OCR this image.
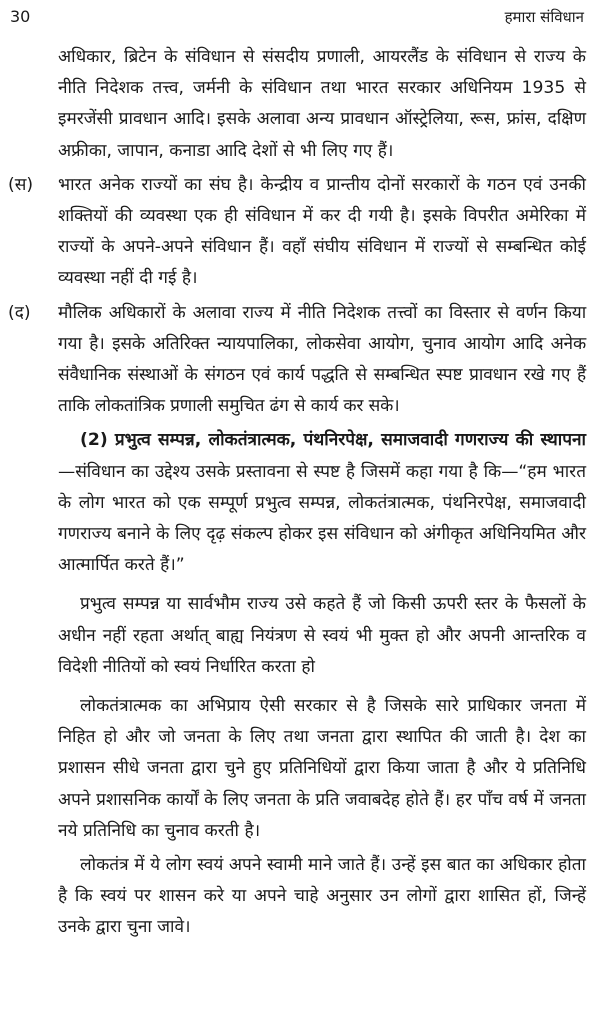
30	हमारा संविधान

अधिकार, ब्रिटेन के संविधान से संसदीय प्रणाली, आयरलैंड के संविधान से राज्य के नीति निदेशक तत्त्व, जर्मनी के संविधान तथा भारत सरकार अधिनियम 1935 से इमरजेंसी प्रावधान आदि। इसके अलावा अन्य प्रावधान ऑस्ट्रेलिया, रूस, फ्रांस, दक्षिण अफ्रीका, जापान, कनाडा आदि देशों से भी लिए गए हैं।

(स)	भारत अनेक राज्यों का संघ है। केन्द्रीय व प्रान्तीय दोनों सरकारों के गठन एवं उनकी शक्तियों की व्यवस्था एक ही संविधान में कर दी गयी है। इसके विपरीत अमेरिका में राज्यों के अपने-अपने संविधान हैं। वहाँ संघीय संविधान में राज्यों से सम्बन्धित कोई व्यवस्था नहीं दी गई है।
(द)	मौलिक अधिकारों के अलावा राज्य में नीति निदेशक तत्त्वों का विस्तार से वर्णन किया गया है। इसके अतिरिक्त न्यायपालिका, लोकसेवा आयोग, चुनाव आयोग आदि अनेक संवैधानिक संस्थाओं के संगठन एवं कार्य पद्धति से सम्बन्धित स्पष्ट प्रावधान रखे गए हैं ताकि लोकतांत्रिक प्रणाली समुचित ढंग से कार्य कर सके।

(2) प्रभुत्व सम्पन्न, लोकतंत्रात्मक, पंथनिरपेक्ष, समाजवादी गणराज्य की स्थापना—संविधान का उद्देश्य उसके प्रस्तावना से स्पष्ट है जिसमें कहा गया है कि—“हम भारत के लोग भारत को एक सम्पूर्ण प्रभुत्व सम्पन्न, लोकतंत्रात्मक, पंथनिरपेक्ष, समाजवादी गणराज्य बनाने के लिए दृढ़ संकल्प होकर इस संविधान को अंगीकृत अधिनियमित और आत्मार्पित करते हैं।”

प्रभुत्व सम्पन्न या सार्वभौम राज्य उसे कहते हैं जो किसी ऊपरी स्तर के फैसलों के अधीन नहीं रहता अर्थात् बाह्य नियंत्रण से स्वयं भी मुक्त हो और अपनी आन्तरिक व विदेशी नीतियों को स्वयं निर्धारित करता हो

लोकतंत्रात्मक का अभिप्राय ऐसी सरकार से है जिसके सारे प्राधिकार जनता में निहित हो और जो जनता के लिए तथा जनता द्वारा स्थापित की जाती है। देश का प्रशासन सीधे जनता द्वारा चुने हुए प्रतिनिधियों द्वारा किया जाता है और ये प्रतिनिधि अपने प्रशासनिक कार्यों के लिए जनता के प्रति जवाबदेह होते हैं। हर पाँच वर्ष में जनता नये प्रतिनिधि का चुनाव करती है।

लोकतंत्र में ये लोग स्वयं अपने स्वामी माने जाते हैं। उन्हें इस बात का अधिकार होता है कि स्वयं पर शासन करे या अपने चाहे अनुसार उन लोगों द्वारा शासित हों, जिन्हें उनके द्वारा चुना जावे।
